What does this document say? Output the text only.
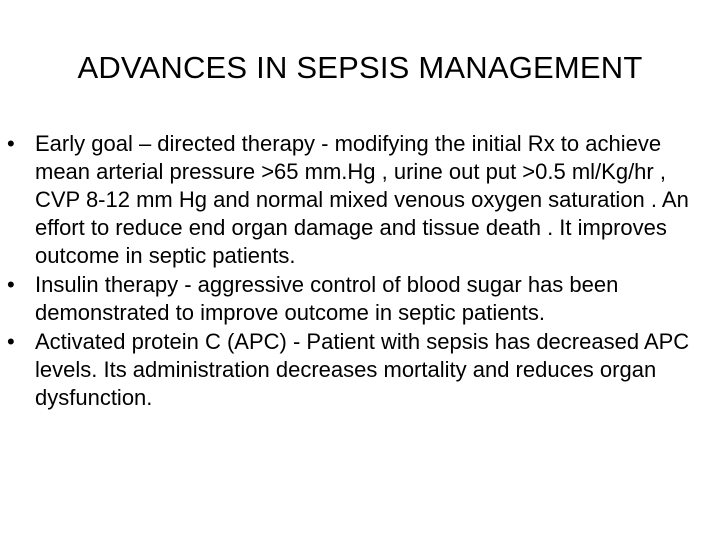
ADVANCES IN SEPSIS MANAGEMENT
• Early goal – directed therapy - modifying the initial Rx to achieve mean arterial pressure >65 mm.Hg , urine out put >0.5 ml/Kg/hr , CVP 8-12 mm Hg and normal mixed venous oxygen saturation . An effort to reduce end organ damage and tissue death . It improves outcome in septic patients.
• Insulin therapy - aggressive control of blood sugar has been demonstrated to improve outcome in septic patients.
• Activated protein C (APC) - Patient with sepsis has decreased APC levels. Its administration decreases mortality and reduces organ dysfunction.
